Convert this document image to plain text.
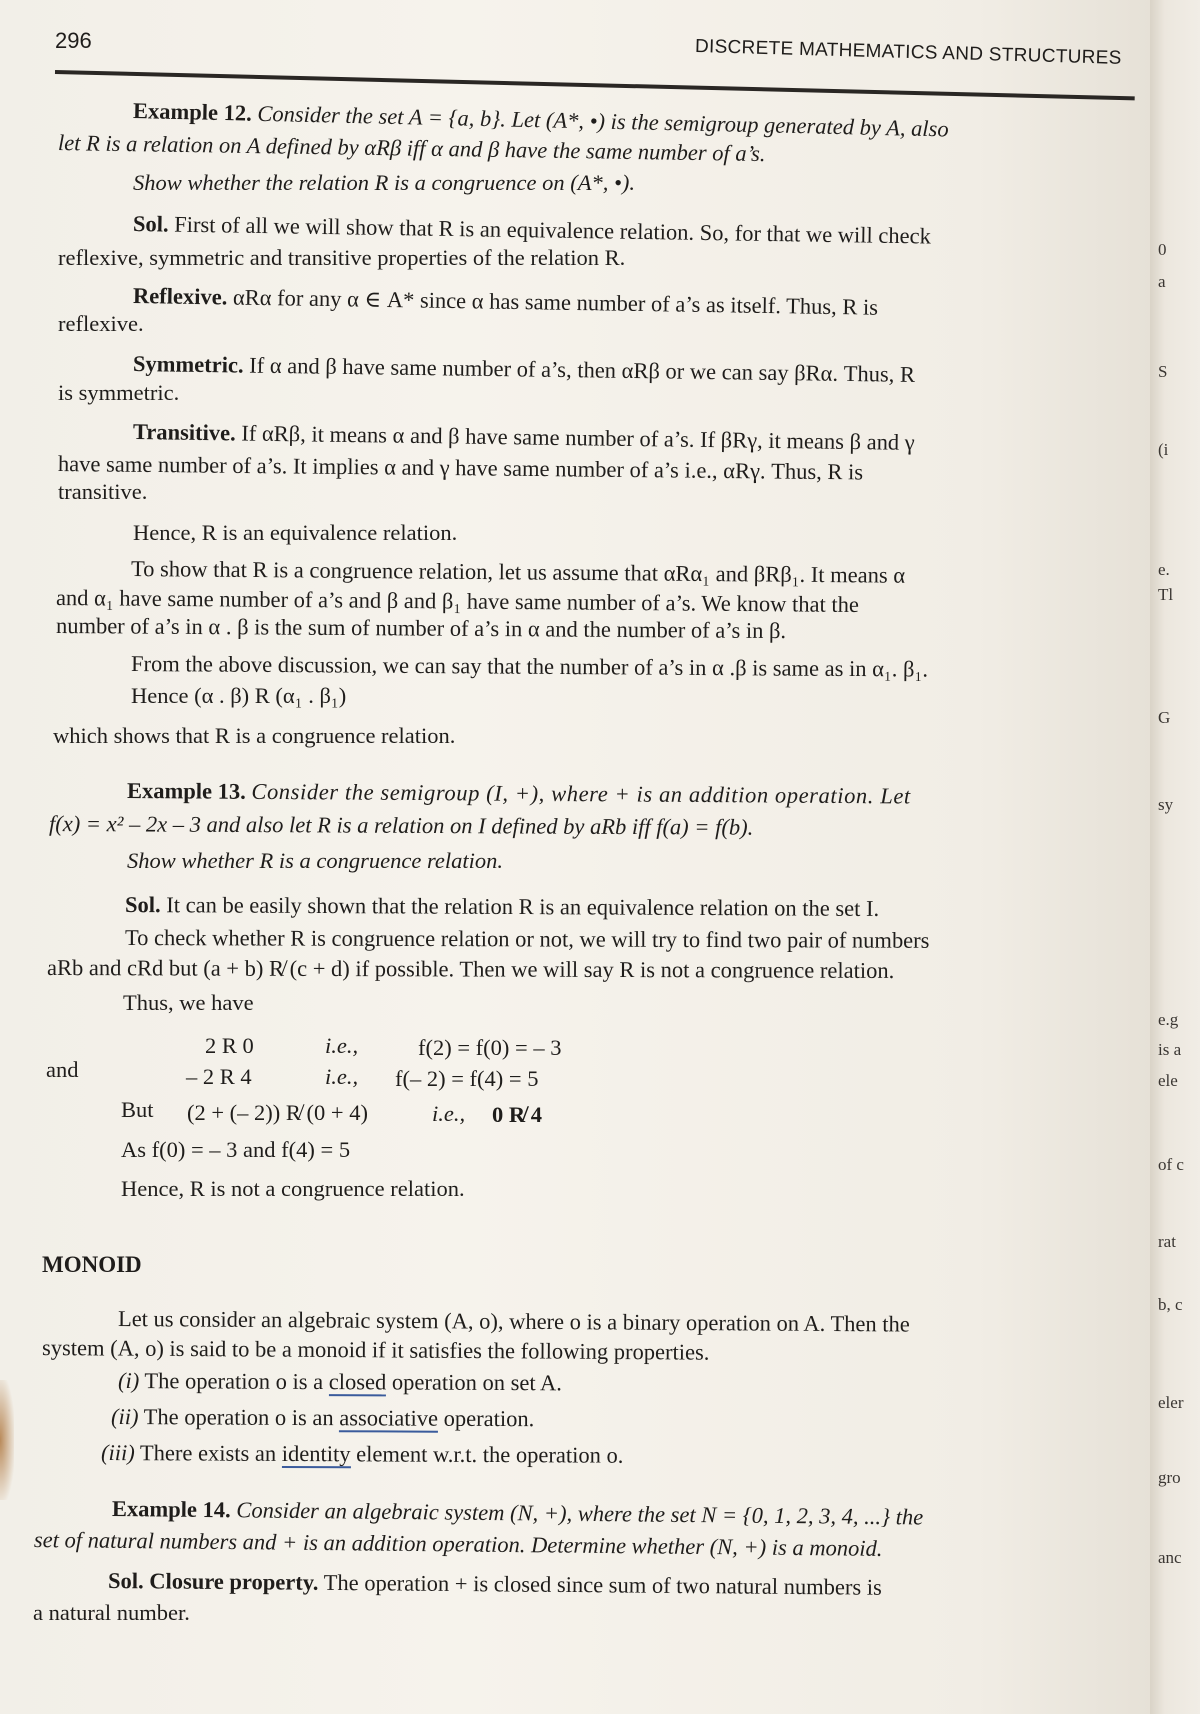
296	DISCRETE MATHEMATICS AND STRUCTURES
Example 12. Consider the set A = {a, b}. Let (A*, •) is the semigroup generated by A, also
let R is a relation on A defined by αRβ iff α and β have the same number of a’s.
Show whether the relation R is a congruence on (A*, •).
Sol. First of all we will show that R is an equivalence relation. So, for that we will check
reflexive, symmetric and transitive properties of the relation R.
Reflexive. αRα for any α ∈ A* since α has same number of a’s as itself. Thus, R is
reflexive.
Symmetric. If α and β have same number of a’s, then αRβ or we can say βRα. Thus, R
is symmetric.
Transitive. If αRβ, it means α and β have same number of a’s. If βRγ, it means β and γ
have same number of a’s. It implies α and γ have same number of a’s i.e., αRγ. Thus, R is
transitive.
Hence, R is an equivalence relation.
To show that R is a congruence relation, let us assume that αRα₁ and βRβ₁. It means α
and α₁ have same number of a’s and β and β₁ have same number of a’s. We know that the
number of a’s in α . β is the sum of number of a’s in α and the number of a’s in β.
From the above discussion, we can say that the number of a’s in α .β is same as in α₁. β₁.
Hence (α . β) R (α₁ . β₁)
which shows that R is a congruence relation.
Example 13. Consider the semigroup (I, +), where + is an addition operation. Let
f(x) = x² – 2x – 3 and also let R is a relation on I defined by aRb iff f(a) = f(b).
Show whether R is a congruence relation.
Sol. It can be easily shown that the relation R is an equivalence relation on the set I.
To check whether R is congruence relation or not, we will try to find two pair of numbers
aRb and cRd but (a + b) R̸ (c + d) if possible. Then we will say R is not a congruence relation.
Thus, we have
2 R 0	i.e.,	f(2) = f(0) = – 3
and	– 2 R 4	i.e., f(– 2) = f(4) = 5
But (2 + (– 2)) R̸ (0 + 4)	i.e., 0 R̸ 4
As f(0) = – 3 and f(4) = 5
Hence, R is not a congruence relation.
MONOID
Let us consider an algebraic system (A, o), where o is a binary operation on A. Then the
system (A, o) is said to be a monoid if it satisfies the following properties.
(i) The operation o is a closed operation on set A.
(ii) The operation o is an associative operation.
(iii) There exists an identity element w.r.t. the operation o.
Example 14. Consider an algebraic system (N, +), where the set N = {0, 1, 2, 3, 4, ...} the
set of natural numbers and + is an addition operation. Determine whether (N, +) is a monoid.
Sol. Closure property. The operation + is closed since sum of two natural numbers is
a natural number.
0
a
S
(i
e.
Tl
G
sy
e.g
is a
ele
of c
rat
b, c
eler
gro
anc
